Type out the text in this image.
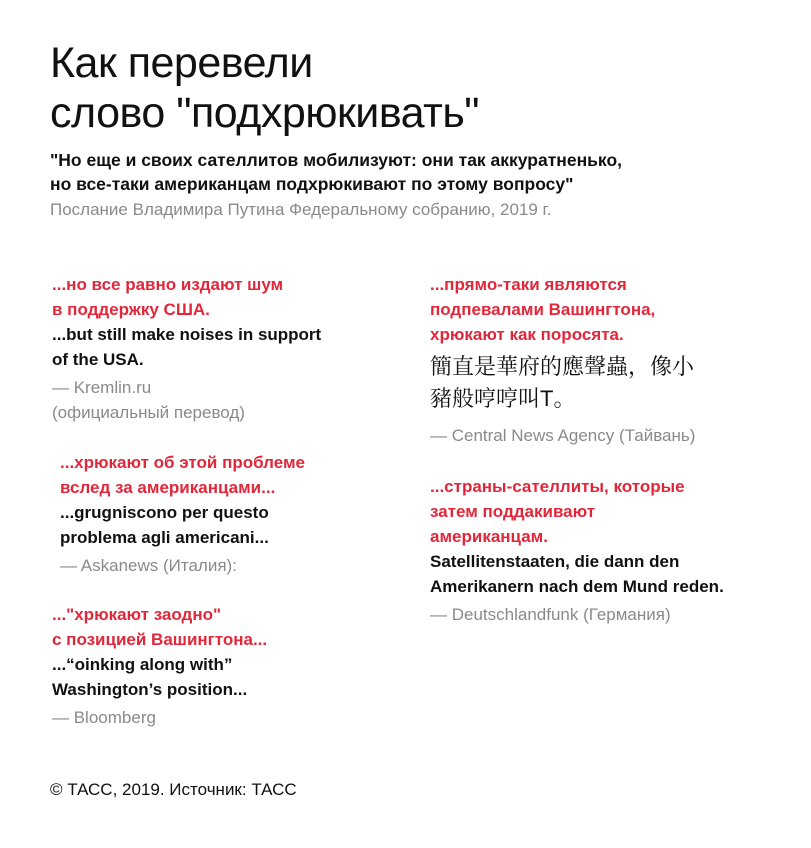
Как перевели
слово "подхрюкивать"
"Но еще и своих сателлитов мобилизуют: они так аккуратненько,
но все-таки американцам подхрюкивают по этому вопросу"
Послание Владимира Путина Федеральному собранию, 2019 г.
...но все равно издают шум
в поддержку США.
...but still make noises in support
of the USA.
— Kremlin.ru
(официальный перевод)
...хрюкают об этой проблеме
вслед за американцами...
...grugniscono per questo
problema agli americani...
— Askanews (Италия):
..."хрюкают заодно"
с позицией Вашингтона...
...“oinking along with”
Washington’s position...
— Bloomberg
...прямо-таки являются
подпевалами Вашингтона,
хрюкают как поросята.
簡直是華府的應聲蟲，像小
豬般哼哼叫T。
— Central News Agency (Тайвань)
...страны-сателлиты, которые
затем поддакивают
американцам.
Satellitenstaaten, die dann den
Amerikanern nach dem Mund reden.
— Deutschlandfunk (Германия)
© ТАСС, 2019. Источник: ТАСС
